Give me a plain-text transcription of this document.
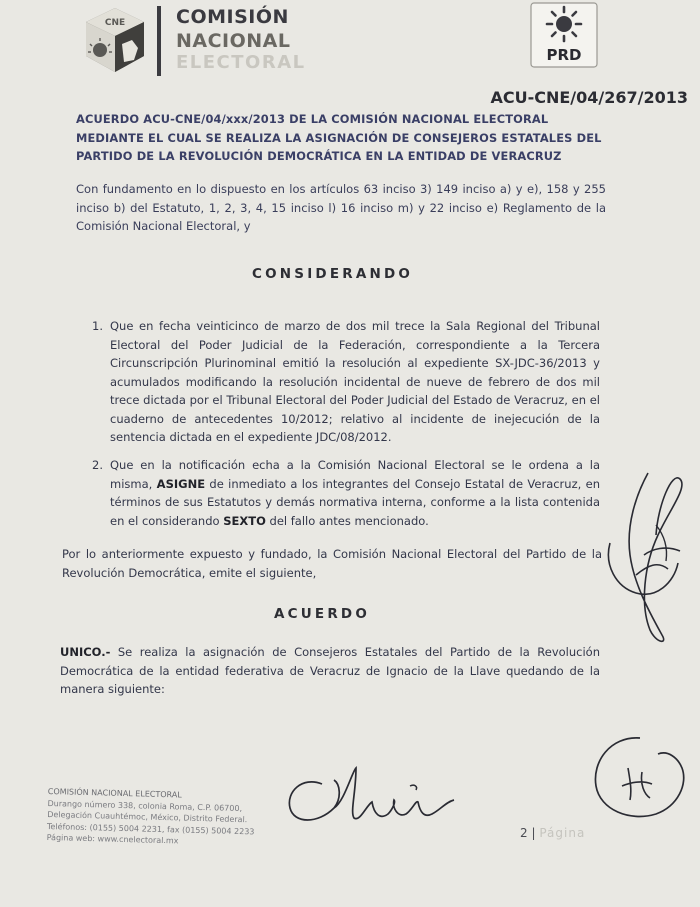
CNE	COMISIÓN
NACIONAL
ELECTORAL	PRD
ACU-CNE/04/267/2013
ACUERDO ACU-CNE/04/xxx/2013 DE LA COMISIÓN NACIONAL ELECTORAL MEDIANTE EL CUAL SE REALIZA LA ASIGNACIÓN DE CONSEJEROS ESTATALES DEL PARTIDO DE LA REVOLUCIÓN DEMOCRÁTICA EN LA ENTIDAD DE VERACRUZ
Con fundamento en lo dispuesto en los artículos 63 inciso 3) 149 inciso a) y e), 158 y 255 inciso b) del Estatuto, 1, 2, 3, 4, 15 inciso l) 16 inciso m) y 22 inciso e) Reglamento de la Comisión Nacional Electoral, y
CONSIDERANDO
1. Que en fecha veinticinco de marzo de dos mil trece la Sala Regional del Tribunal Electoral del Poder Judicial de la Federación, correspondiente a la Tercera Circunscripción Plurinominal emitió la resolución al expediente SX-JDC-36/2013 y acumulados modificando la resolución incidental de nueve de febrero de dos mil trece dictada por el Tribunal Electoral del Poder Judicial del Estado de Veracruz, en el cuaderno de antecedentes 10/2012; relativo al incidente de inejecución de la sentencia dictada en el expediente JDC/08/2012.
2. Que en la notificación echa a la Comisión Nacional Electoral se le ordena a la misma, ASIGNE de inmediato a los integrantes del Consejo Estatal de Veracruz, en términos de sus Estatutos y demás normativa interna, conforme a la lista contenida en el considerando SEXTO del fallo antes mencionado.
Por lo anteriormente expuesto y fundado, la Comisión Nacional Electoral del Partido de la Revolución Democrática, emite el siguiente,
ACUERDO
UNICO.- Se realiza la asignación de Consejeros Estatales del Partido de la Revolución Democrática de la entidad federativa de Veracruz de Ignacio de la Llave quedando de la manera siguiente:
COMISIÓN NACIONAL ELECTORAL
Durango número 338, colonia Roma, C.P. 06700,
Delegación Cuauhtémoc, México, Distrito Federal.
Teléfonos: (0155) 5004 2231, fax (0155) 5004 2233
Página web: www.cnelectoral.mx	2 | Página
